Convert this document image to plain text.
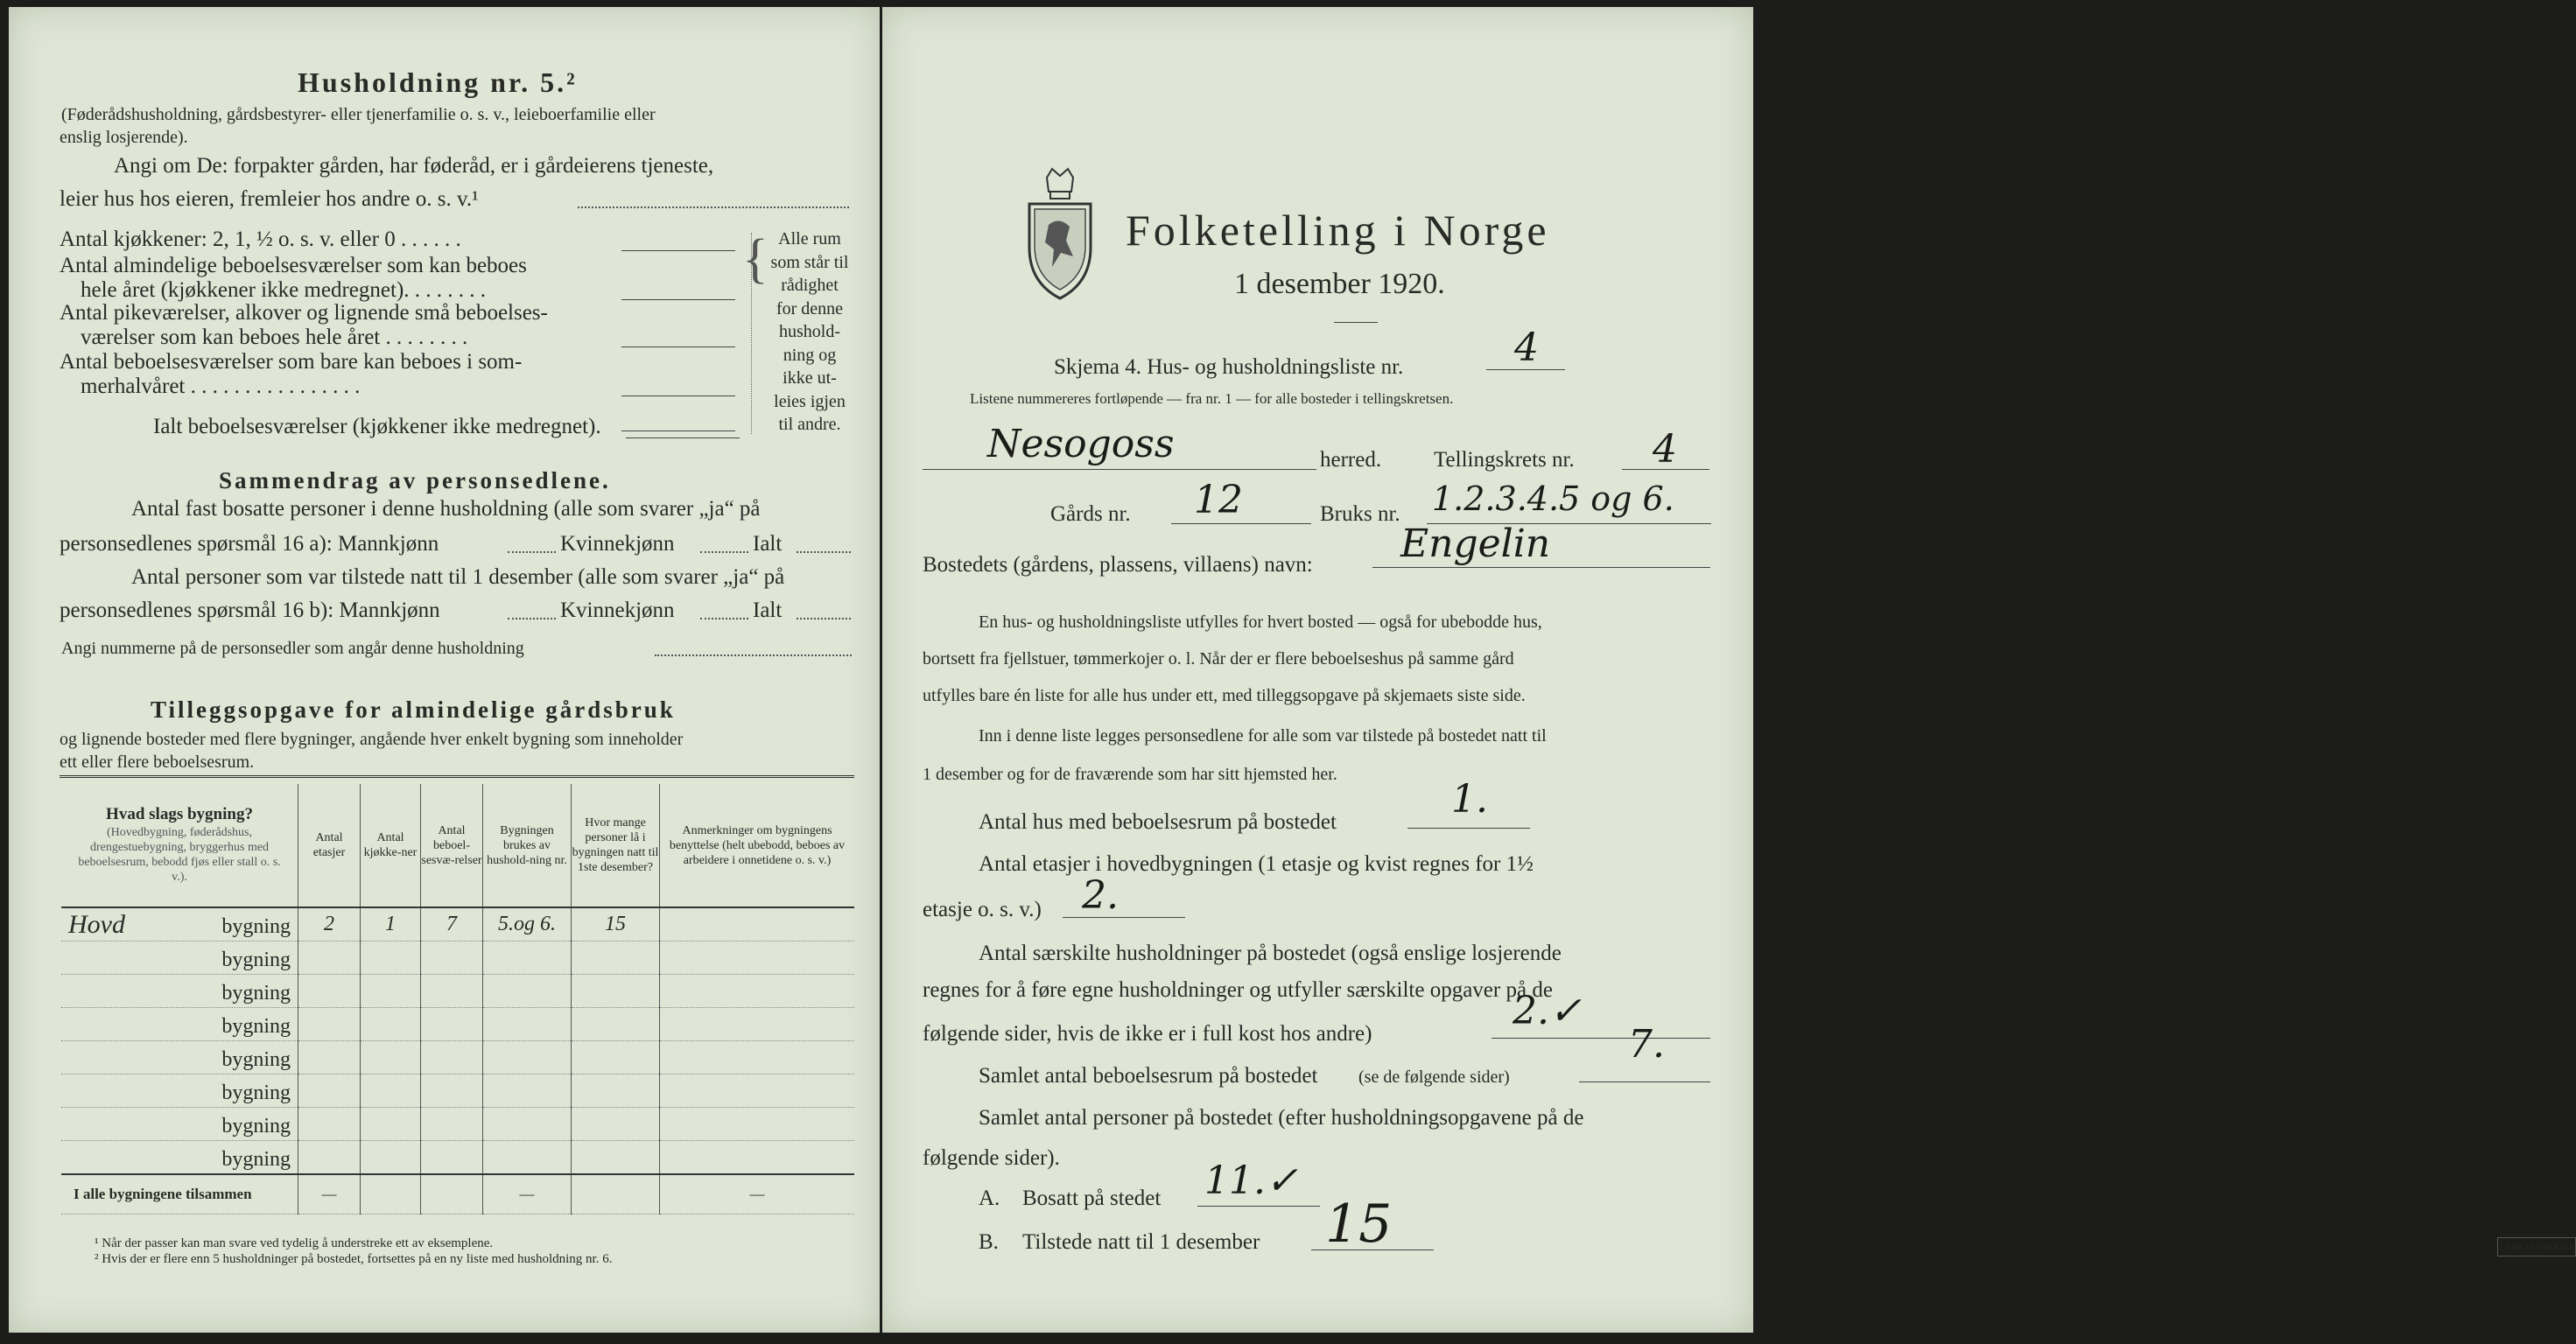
Husholdning nr. 5.²
(Føderådshusholdning, gårdsbestyrer- eller tjenerfamilie o. s. v., leieboerfamilie eller
enslig losjerende).
Angi om De: forpakter gården, har føderåd, er i gårdeierens tjeneste,
leier hus hos eieren, fremleier hos andre o. s. v.¹
Antal kjøkkener: 2, 1, ½ o. s. v. eller 0 . . . . . .
Antal almindelige beboelsesværelser som kan beboes
hele året (kjøkkener ikke medregnet). . . . . . . .
Antal pikeværelser, alkover og lignende små beboelses-
værelser som kan beboes hele året . . . . . . . .
Antal beboelsesværelser som bare kan beboes i som-
merhalvåret . . . . . . . . . . . . . . . .
Ialt beboelsesværelser (kjøkkener ikke medregnet).
{ Alle rum
som står til
rådighet
for denne
hushold-
ning og
ikke ut-
leies igjen
til andre.
Sammendrag av personsedlene.
Antal fast bosatte personer i denne husholdning (alle som svarer „ja“ på
personsedlenes spørsmål 16 a): Mannkjønn	Kvinnekjønn	Ialt
Antal personer som var tilstede natt til 1 desember (alle som svarer „ja“ på
personsedlenes spørsmål 16 b): Mannkjønn	Kvinnekjønn	Ialt
Angi nummerne på de personsedler som angår denne husholdning
Tilleggsopgave for almindelige gårdsbruk
og lignende bosteder med flere bygninger, angående hver enkelt bygning som inneholder
ett eller flere beboelsesrum.
Hvad slags bygning?
(Hovedbygning, føderådshus, drengestuebygning, bryggerhus med beboelsesrum, bebodd fjøs eller stall o. s. v.).	Antal etasjer	Antal kjøkke-ner	Antal beboel-sesvæ-relser	Bygningen brukes av hushold-ning nr.	Hvor mange personer lå i bygningen natt til 1ste desember?	Anmerkninger om bygningens benyttelse (helt ubebodd, beboes av arbeidere i onnetidene o. s. v.)
Hovd bygning	2	1	7	5.og 6.	15	

bygning						

bygning						

bygning						

bygning						

bygning						

bygning						

bygning						

I alle bygningene tilsammen	—			—		—
¹ Når der passer kan man svare ved tydelig å understreke ett av eksemplene.
² Hvis der er flere enn 5 husholdninger på bostedet, fortsettes på en ny liste med husholdning nr. 6.
Folketelling i Norge
1 desember 1920.
Skjema 4. Hus- og husholdningsliste nr.	4
Listene nummereres fortløpende — fra nr. 1 — for alle bosteder i tellingskretsen.
Nesogoss	herred. Tellingskrets nr. 4
Gårds nr. 12	Bruks nr. 1.2.3.4.5 og 6.
Bostedets (gårdens, plassens, villaens) navn: Engelin
En hus- og husholdningsliste utfylles for hvert bosted — også for ubebodde hus,
bortsett fra fjellstuer, tømmerkojer o. l. Når der er flere beboelseshus på samme gård
utfylles bare én liste for alle hus under ett, med tilleggsopgave på skjemaets siste side.
Inn i denne liste legges personsedlene for alle som var tilstede på bostedet natt til
1 desember og for de fraværende som har sitt hjemsted her.
Antal hus med beboelsesrum på bostedet
1.
Antal etasjer i hovedbygningen (1 etasje og kvist regnes for 1½
etasje o. s. v.) 2.
Antal særskilte husholdninger på bostedet (også enslige losjerende
regnes for å føre egne husholdninger og utfyller særskilte opgaver på de
følgende sider, hvis de ikke er i full kost hos andre)
2.✓
Samlet antal beboelsesrum på bostedet (se de følgende sider)
7.
Samlet antal personer på bostedet (efter husholdningsopgavene på de
følgende sider).
A. Bosatt på stedet 11.✓
B. Tilstede natt til 1 desember 15	J. CHR. GUNDERSEN
